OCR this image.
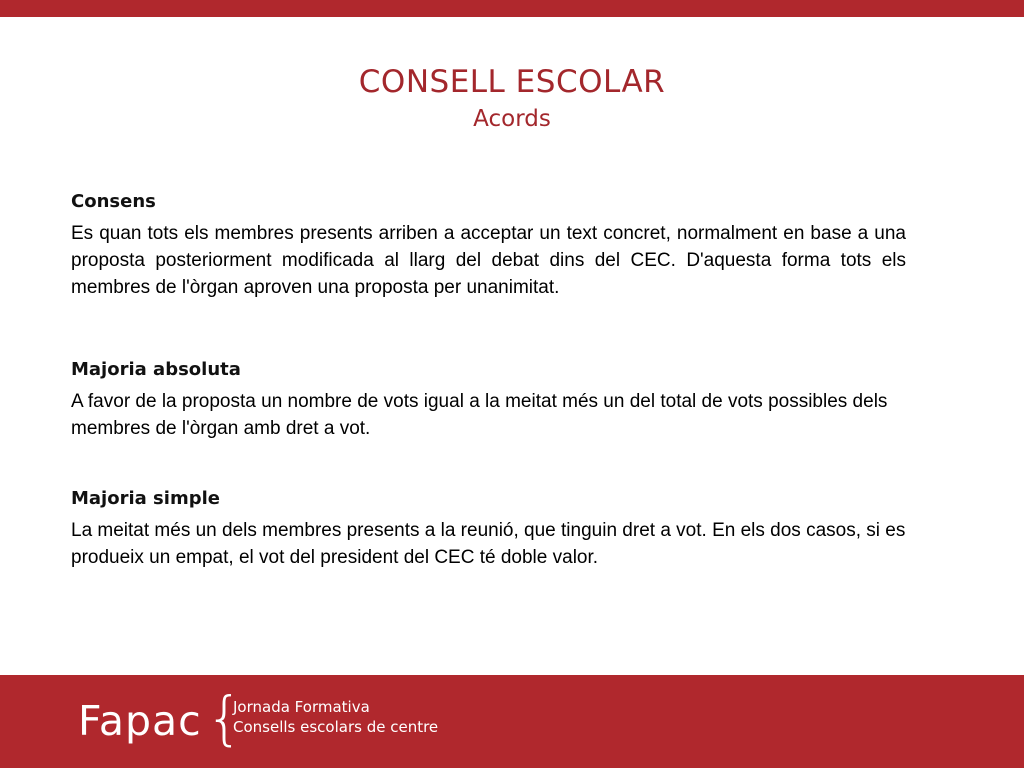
CONSELL ESCOLAR
Acords
Consens

Es quan tots els membres presents arriben a acceptar un text concret, normalment en base a una proposta posteriorment modificada al llarg del debat dins del CEC. D'aquesta forma tots els membres de l'òrgan aproven una proposta per unanimitat.

Majoria absoluta

A favor de la proposta un nombre de vots igual a la meitat més un del total de vots possibles dels membres de l'òrgan amb dret a vot.

Majoria simple

La meitat més un dels membres presents a la reunió, que tinguin dret a vot. En els dos casos, si es produeix un empat, el vot del president del CEC té doble valor.

Fapac {
Jornada Formativa
Consells escolars de centre
